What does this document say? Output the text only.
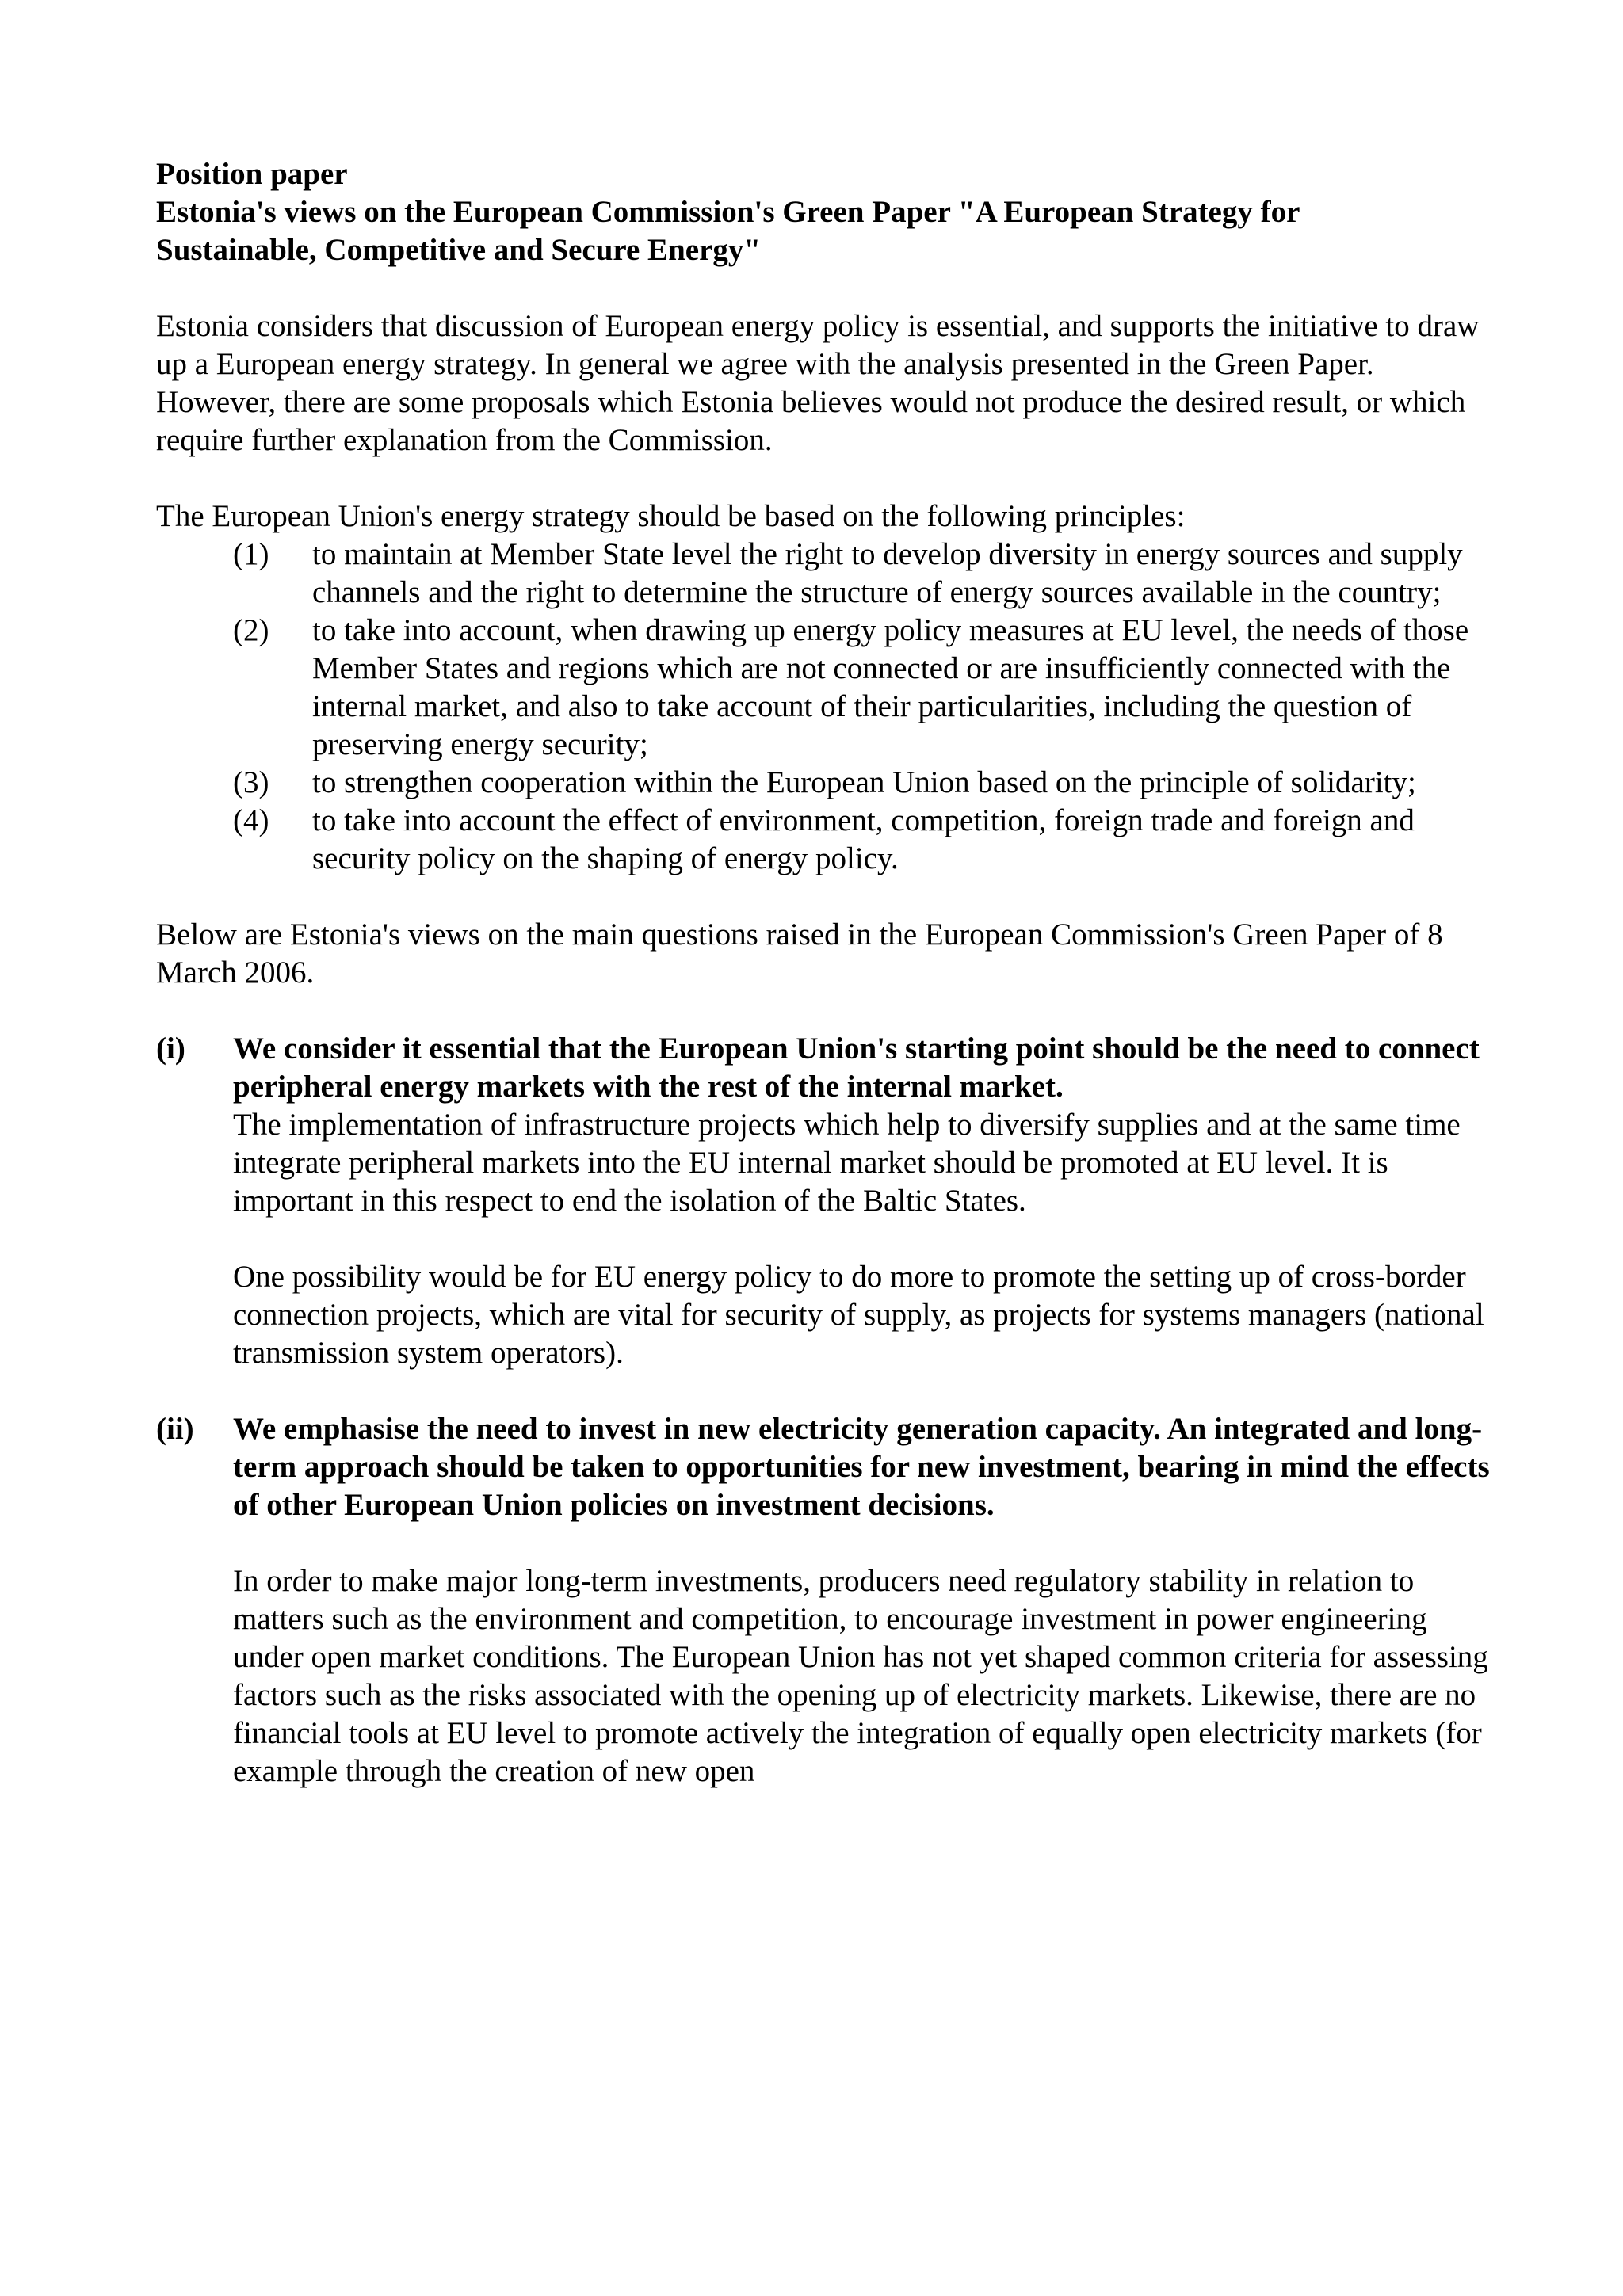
Position paper
Estonia's views on the European Commission's Green Paper "A European Strategy for
Sustainable, Competitive and Secure Energy"

Estonia considers that discussion of European energy policy is essential, and supports the initiative to draw up a European energy strategy. In general we agree with the analysis presented in the Green Paper. However, there are some proposals which Estonia believes would not produce the desired result, or which require further explanation from the Commission.

The European Union's energy strategy should be based on the following principles:

(1) to maintain at Member State level the right to develop diversity in energy sources and supply channels and the right to determine the structure of energy sources available in the country;
(2) to take into account, when drawing up energy policy measures at EU level, the needs of those Member States and regions which are not connected or are insufficiently connected with the internal market, and also to take account of their particularities, including the question of preserving energy security;
(3) to strengthen cooperation within the European Union based on the principle of solidarity;
(4) to take into account the effect of environment, competition, foreign trade and foreign and security policy on the shaping of energy policy.

Below are Estonia's views on the main questions raised in the European Commission's Green Paper of 8 March 2006.

(i) We consider it essential that the European Union's starting point should be the need to connect peripheral energy markets with the rest of the internal market.

The implementation of infrastructure projects which help to diversify supplies and at the same time integrate peripheral markets into the EU internal market should be promoted at EU level. It is important in this respect to end the isolation of the Baltic States.

One possibility would be for EU energy policy to do more to promote the setting up of cross-border connection projects, which are vital for security of supply, as projects for systems managers (national transmission system operators).

(ii) We emphasise the need to invest in new electricity generation capacity. An integrated and long-term approach should be taken to opportunities for new investment, bearing in mind the effects of other European Union policies on investment decisions.

In order to make major long-term investments, producers need regulatory stability in relation to matters such as the environment and competition, to encourage investment in power engineering under open market conditions. The European Union has not yet shaped common criteria for assessing factors such as the risks associated with the opening up of electricity markets. Likewise, there are no financial tools at EU level to promote actively the integration of equally open electricity markets (for example through the creation of new open
